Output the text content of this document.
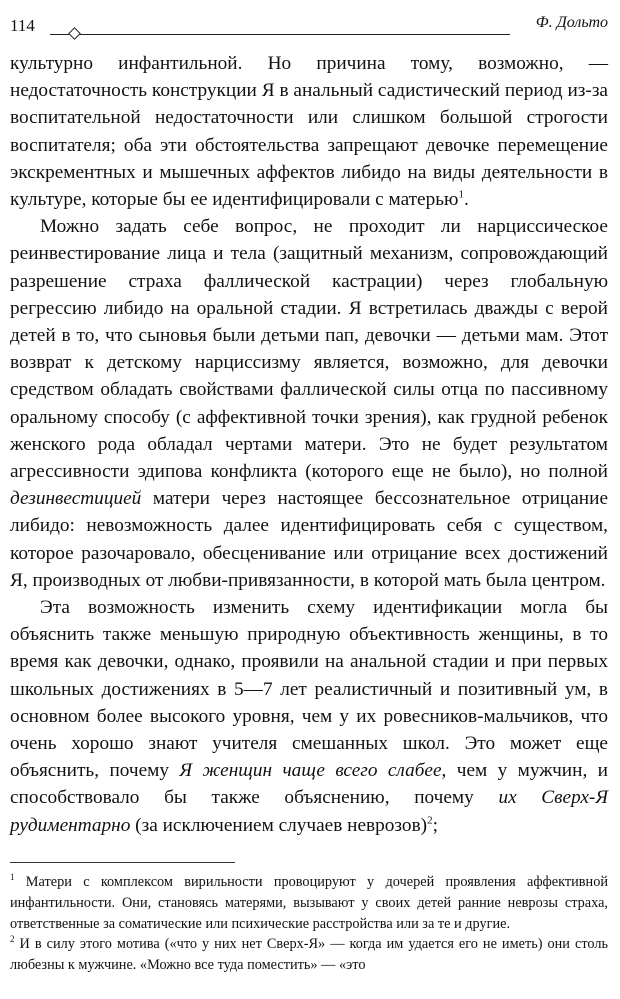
114	Ф. Дольто

культурно инфантильной. Но причина тому, возможно, — недостаточность конструкции Я в анальный садистический период из-за воспитательной недостаточности или слишком большой строгости воспитателя; оба эти обстоятельства запрещают девочке перемещение экскрементных и мышечных аффектов либидо на виды деятельности в культуре, которые бы ее идентифицировали с матерью$^1$.

Можно задать себе вопрос, не проходит ли нарциссическое реинвестирование лица и тела (защитный механизм, сопровождающий разрешение страха фаллической кастрации) через глобальную регрессию либидо на оральной стадии. Я встретилась дважды с верой детей в то, что сыновья были детьми пап, девочки — детьми мам. Этот возврат к детскому нарциссизму является, возможно, для девочки средством обладать свойствами фаллической силы отца по пассивному оральному способу (с аффективной точки зрения), как грудной ребенок женского рода обладал чертами матери. Это не будет результатом агрессивности эдипова конфликта (которого еще не было), но полной дезинвестицией матери через настоящее бессознательное отрицание либидо: невозможность далее идентифицировать себя с существом, которое разочаровало, обесценивание или отрицание всех достижений Я, производных от любви-привязанности, в которой мать была центром.

Эта возможность изменить схему идентификации могла бы объяснить также меньшую природную объективность женщины, в то время как девочки, однако, проявили на анальной стадии и при первых школьных достижениях в 5—7 лет реалистичный и позитивный ум, в основном более высокого уровня, чем у их ровесников-мальчиков, что очень хорошо знают учителя смешанных школ. Это может еще объяснить, почему Я женщин чаще всего слабее, чем у мужчин, и способствовало бы также объяснению, почему их Сверх-Я рудиментарно (за исключением случаев неврозов)$^2$;

$^1$ Матери с комплексом вирильности провоцируют у дочерей проявления аффективной инфантильности. Они, становясь матерями, вызывают у своих детей ранние неврозы страха, ответственные за соматические или психические расстройства или за те и другие.

$^2$ И в силу этого мотива («что у них нет Сверх-Я» — когда им удается его не иметь) они столь любезны к мужчине. «Можно все туда поместить» — «это
